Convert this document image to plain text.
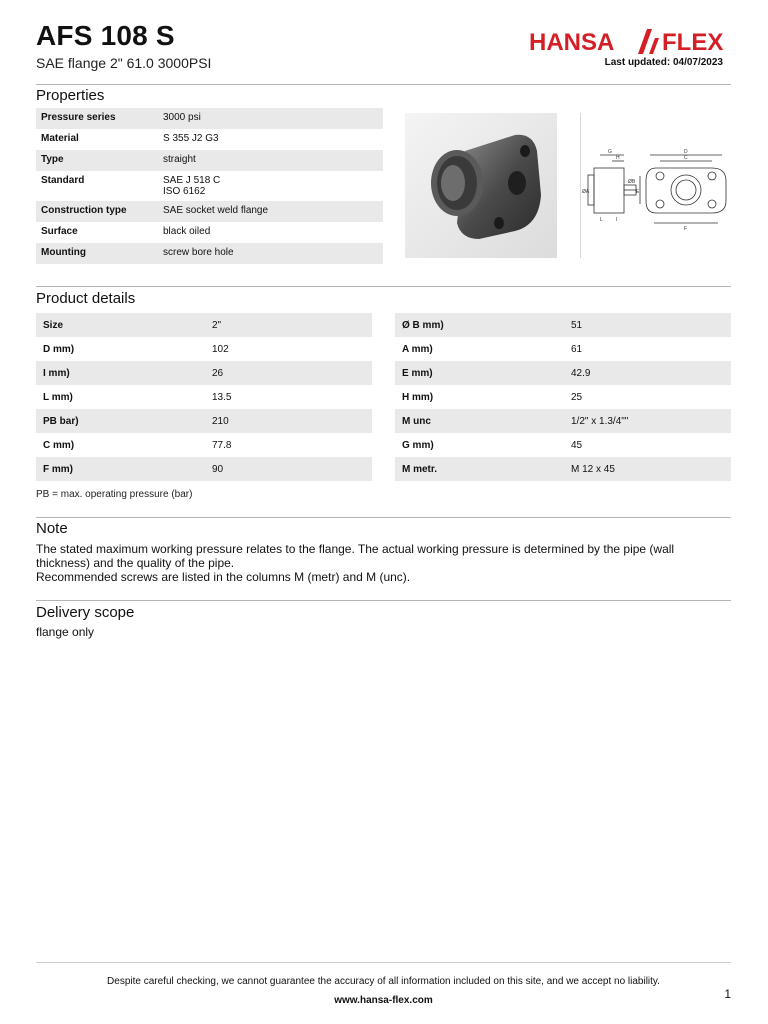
AFS 108 S
SAE flange 2" 61.0 3000PSI
HANSA FLEX
Last updated: 04/07/2023
Properties
Pressure series	3000 psi
Material	S 355 J2 G3
Type	straight
Standard	SAE J 518 C
ISO 6162
Construction type	SAE socket weld flange
Surface	black oiled
Mounting	screw bore hole
G
H
D
C
ØA
ØB
L	I
E
F
Product details
Size	2"
D mm)	102
I mm)	26
L mm)	13.5
PB bar)	210
C mm)	77.8
F mm)	90
Ø B mm)	51
A mm)	61
E mm)	42.9
H mm)	25
M unc	1/2" x 1.3/4""
G mm)	45
M metr.	M 12 x 45
PB = max. operating pressure (bar)
Note
The stated maximum working pressure relates to the flange. The actual working pressure is determined by the pipe (wall thickness) and the quality of the pipe.
Recommended screws are listed in the columns M (metr) and M (unc).
Delivery scope
flange only
Despite careful checking, we cannot guarantee the accuracy of all information included on this site, and we accept no liability.
www.hansa-flex.com	1
